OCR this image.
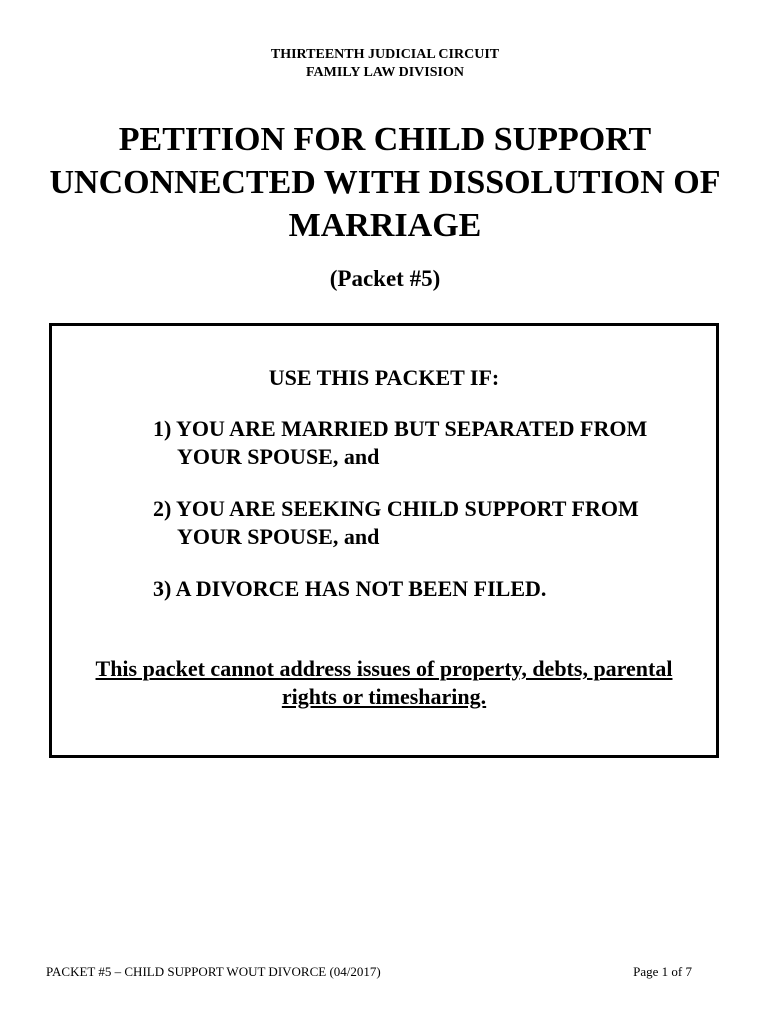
THIRTEENTH JUDICIAL CIRCUIT
FAMILY LAW DIVISION
PETITION FOR CHILD SUPPORT
UNCONNECTED WITH DISSOLUTION OF
MARRIAGE
(Packet #5)
USE THIS PACKET IF:
1) YOU ARE MARRIED BUT SEPARATED FROM
YOUR SPOUSE, and
2) YOU ARE SEEKING CHILD SUPPORT FROM
YOUR SPOUSE, and
3) A DIVORCE HAS NOT BEEN FILED.
This packet cannot address issues of property, debts, parental
rights or timesharing.
PACKET #5 – CHILD SUPPORT WOUT DIVORCE (04/2017)	Page 1 of 7
